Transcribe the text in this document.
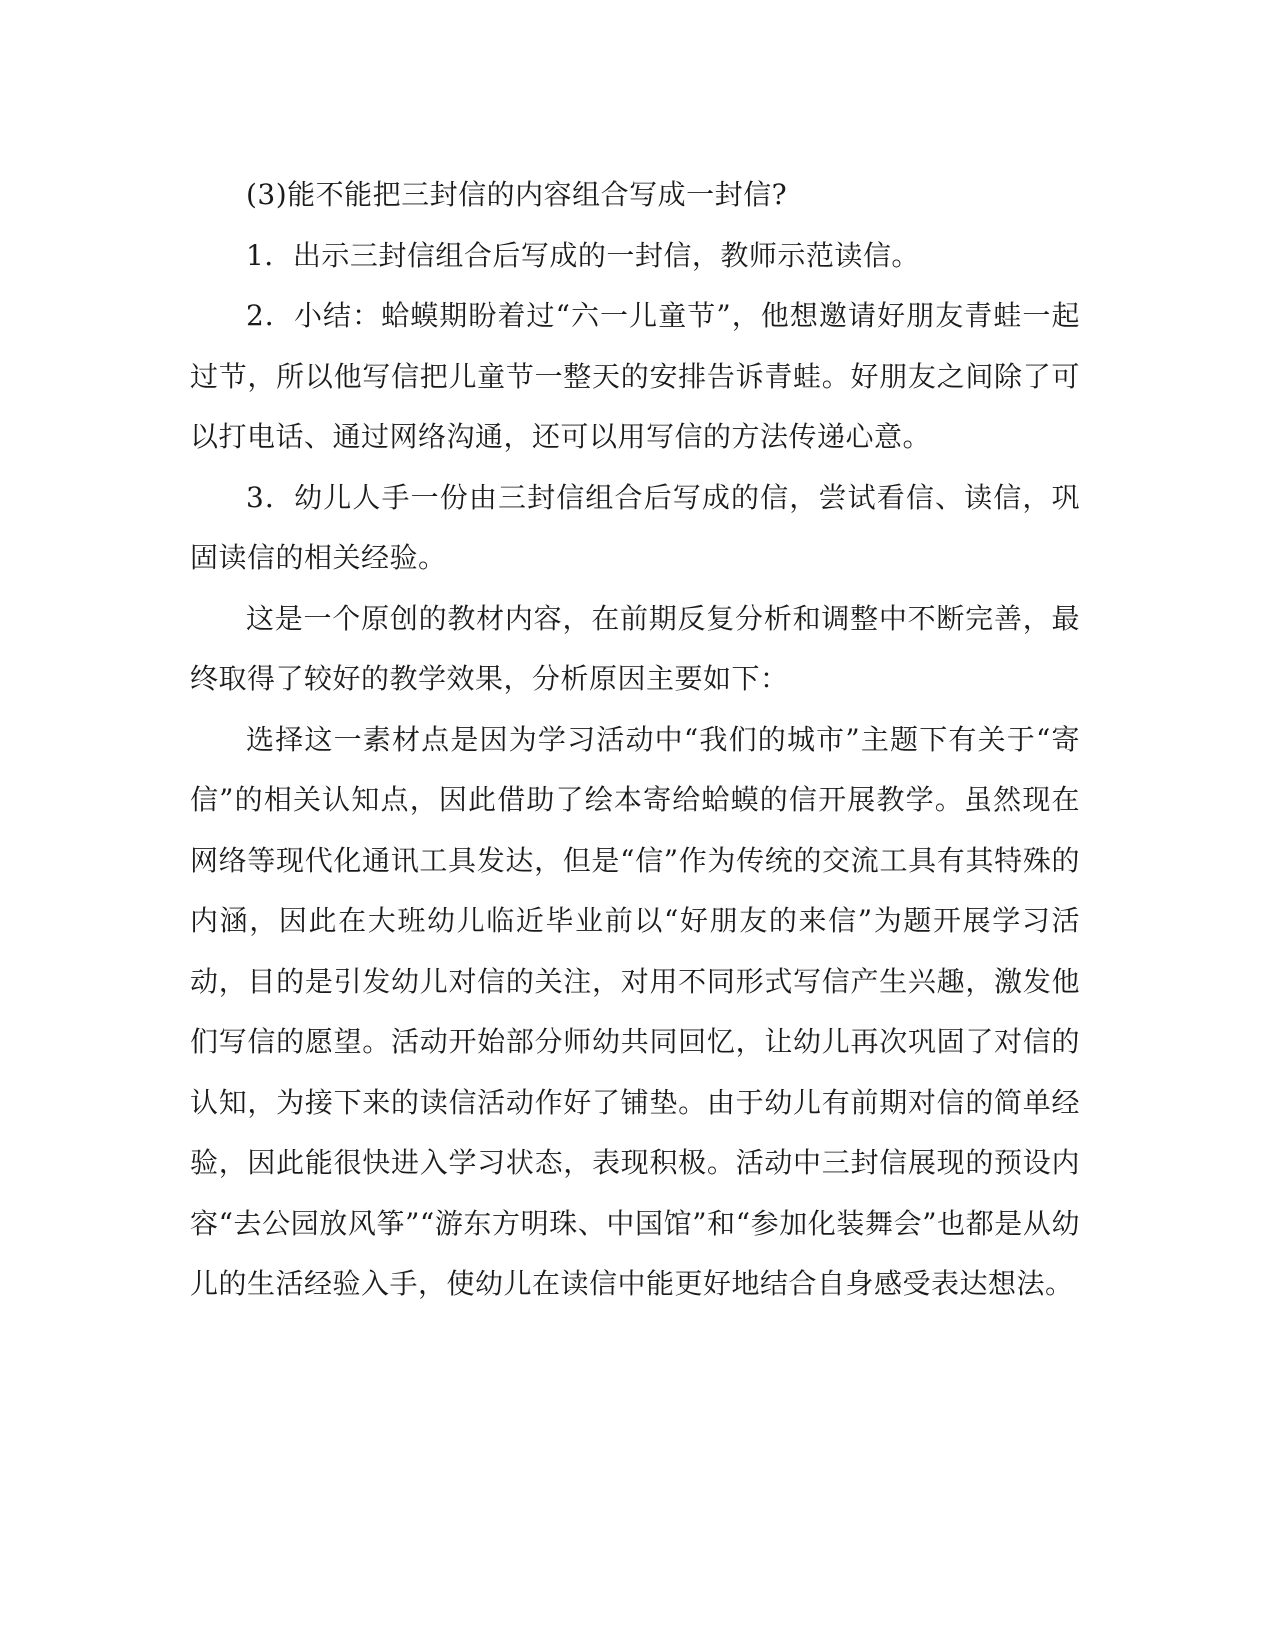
(3)能不能把三封信的内容组合写成一封信?

1．出示三封信组合后写成的一封信，教师示范读信。

2．小结：蛤蟆期盼着过“六一儿童节”，他想邀请好朋友青蛙一起过节，所以他写信把儿童节一整天的安排告诉青蛙。好朋友之间除了可以打电话、通过网络沟通，还可以用写信的方法传递心意。

3．幼儿人手一份由三封信组合后写成的信，尝试看信、读信，巩固读信的相关经验。

这是一个原创的教材内容，在前期反复分析和调整中不断完善，最终取得了较好的教学效果，分析原因主要如下：

选择这一素材点是因为学习活动中“我们的城市”主题下有关于“寄信”的相关认知点，因此借助了绘本寄给蛤蟆的信开展教学。虽然现在网络等现代化通讯工具发达，但是“信”作为传统的交流工具有其特殊的内涵，因此在大班幼儿临近毕业前以“好朋友的来信”为题开展学习活动，目的是引发幼儿对信的关注，对用不同形式写信产生兴趣，激发他们写信的愿望。活动开始部分师幼共同回忆，让幼儿再次巩固了对信的认知，为接下来的读信活动作好了铺垫。由于幼儿有前期对信的简单经验，因此能很快进入学习状态，表现积极。活动中三封信展现的预设内容“去公园放风筝”“游东方明珠、中国馆”和“参加化装舞会”也都是从幼儿的生活经验入手，使幼儿在读信中能更好地结合自身感受表达想法。
